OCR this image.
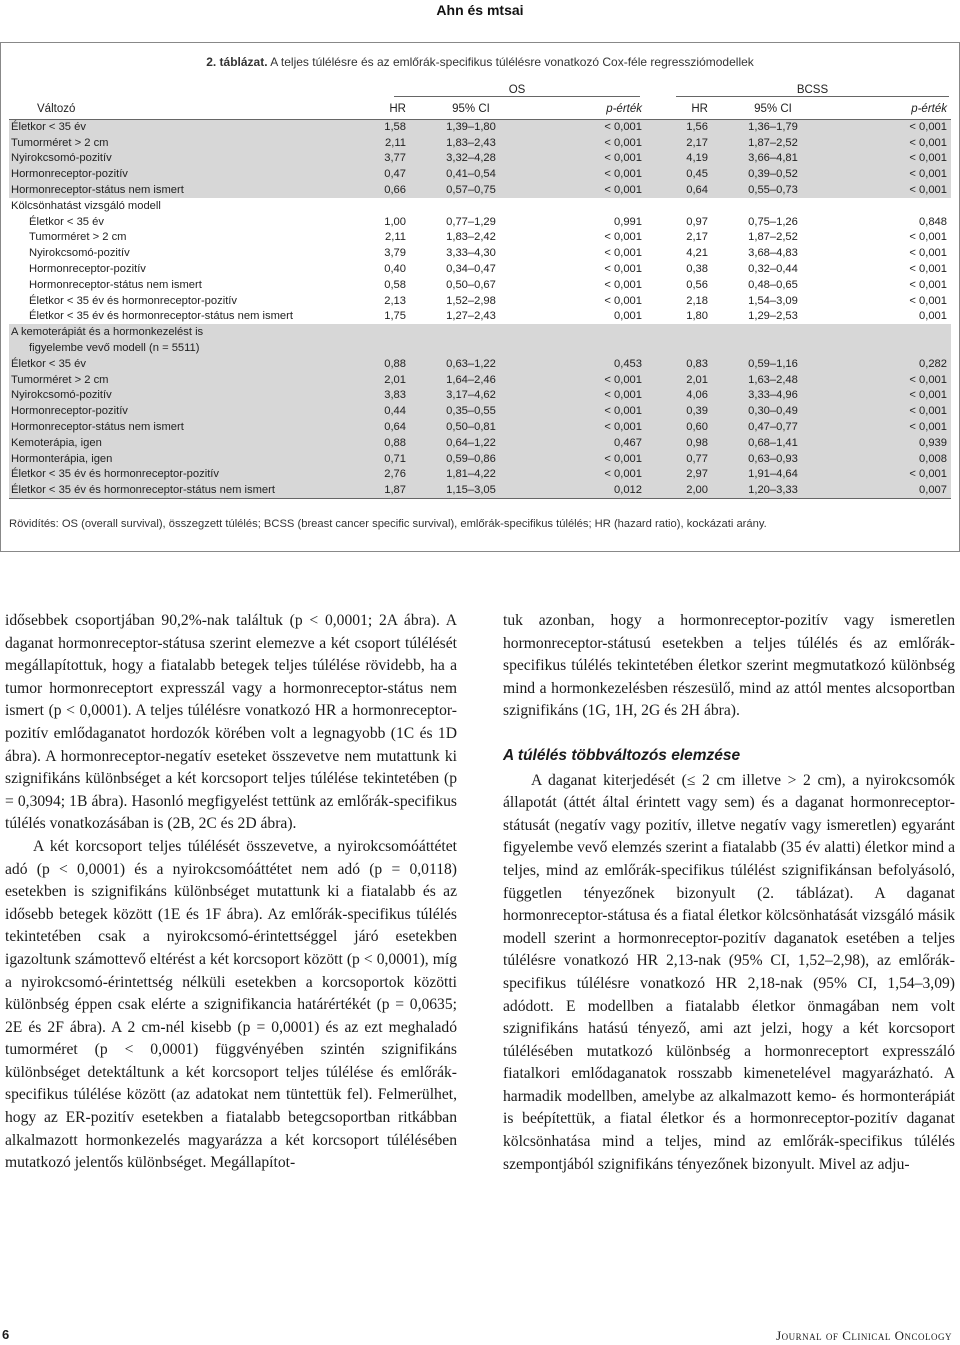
Ahn és mtsai
2. táblázat. A teljes túlélésre és az emlőrák-specifikus túlélésre vonatkozó Cox-féle regressziómodellek
	OS			BCSS		
Változó	HR	95% CI	p-érték	HR	95% CI	p-érték
Életkor < 35 év	1,58	1,39–1,80	< 0,001	1,56	1,36–1,79	< 0,001
Tumorméret > 2 cm	2,11	1,83–2,43	< 0,001	2,17	1,87–2,52	< 0,001
Nyirokcsomó-pozitív	3,77	3,32–4,28	< 0,001	4,19	3,66–4,81	< 0,001
Hormonreceptor-pozitív	0,47	0,41–0,54	< 0,001	0,45	0,39–0,52	< 0,001
Hormonreceptor-státus nem ismert	0,66	0,57–0,75	< 0,001	0,64	0,55–0,73	< 0,001
Kölcsönhatást vizsgáló modell						
Életkor < 35 év	1,00	0,77–1,29	0,991	0,97	0,75–1,26	0,848
Tumorméret > 2 cm	2,11	1,83–2,42	< 0,001	2,17	1,87–2,52	< 0,001
Nyirokcsomó-pozitív	3,79	3,33–4,30	< 0,001	4,21	3,68–4,83	< 0,001
Hormonreceptor-pozitív	0,40	0,34–0,47	< 0,001	0,38	0,32–0,44	< 0,001
Hormonreceptor-státus nem ismert	0,58	0,50–0,67	< 0,001	0,56	0,48–0,65	< 0,001
Életkor < 35 év és hormonreceptor-pozitív	2,13	1,52–2,98	< 0,001	2,18	1,54–3,09	< 0,001
Életkor < 35 év és hormonreceptor-státus nem ismert	1,75	1,27–2,43	0,001	1,80	1,29–2,53	0,001
A kemoterápiát és a hormonkezelést is						
figyelembe vevő modell (n = 5511)						
Életkor < 35 év	0,88	0,63–1,22	0,453	0,83	0,59–1,16	0,282
Tumorméret > 2 cm	2,01	1,64–2,46	< 0,001	2,01	1,63–2,48	< 0,001
Nyirokcsomó-pozitív	3,83	3,17–4,62	< 0,001	4,06	3,33–4,96	< 0,001
Hormonreceptor-pozitív	0,44	0,35–0,55	< 0,001	0,39	0,30–0,49	< 0,001
Hormonreceptor-státus nem ismert	0,64	0,50–0,81	< 0,001	0,60	0,47–0,77	< 0,001
Kemoterápia, igen	0,88	0,64–1,22	0,467	0,98	0,68–1,41	0,939
Hormonterápia, igen	0,71	0,59–0,86	< 0,001	0,77	0,63–0,93	0,008
Életkor < 35 év és hormonreceptor-pozitív	2,76	1,81–4,22	< 0,001	2,97	1,91–4,64	< 0,001
Életkor < 35 év és hormonreceptor-státus nem ismert	1,87	1,15–3,05	0,012	2,00	1,20–3,33	0,007
Rövidítés: OS (overall survival), összegzett túlélés; BCSS (breast cancer specific survival), emlőrák-specifikus túlélés; HR (hazard ratio), kockázati arány.

idősebbek csoportjában 90,2%-nak találtuk (p < 0,0001; 2A ábra). A daganat hormonreceptor-státusa szerint elemezve a két csoport túlélését megállapítottuk, hogy a fiatalabb betegek teljes túlélése rövidebb, ha a tumor hormonreceptort expresszál vagy a hormonreceptor-státus nem ismert (p < 0,0001). A teljes túlélésre vonatkozó HR a hormonreceptor-pozitív emlődaganatot hordozók körében volt a legnagyobb (1C és 1D ábra). A hormonreceptor-negatív eseteket összevetve nem mutattunk ki szignifikáns különbséget a két korcsoport teljes túlélése tekintetében (p = 0,3094; 1B ábra). Hasonló megfigyelést tettünk az emlőrák-specifikus túlélés vonatkozásában is (2B, 2C és 2D ábra).

A két korcsoport teljes túlélését összevetve, a nyirokcsomóáttétet adó (p < 0,0001) és a nyirokcsomóáttétet nem adó (p = 0,0118) esetekben is szignifikáns különbséget mutattunk ki a fiatalabb és az idősebb betegek között (1E és 1F ábra). Az emlőrák-specifikus túlélés tekintetében csak a nyirokcsomó-érintettséggel járó esetekben igazoltunk számottevő eltérést a két korcsoport között (p < 0,0001), míg a nyirokcsomó-érintettség nélküli esetekben a korcsoportok közötti különbség éppen csak elérte a szignifikancia határértékét (p = 0,0635; 2E és 2F ábra). A 2 cm-nél kisebb (p = 0,0001) és az ezt meghaladó tumorméret (p < 0,0001) függvényében szintén szignifikáns különbséget detektáltunk a két korcsoport teljes túlélése és emlőrák-specifikus túlélése között (az adatokat nem tüntettük fel). Felmerülhet, hogy az ER-pozitív esetekben a fiatalabb betegcsoportban ritkábban alkalmazott hormonkezelés magyarázza a két korcsoport túlélésében mutatkozó jelentős különbséget. Megállapítot-

tuk azonban, hogy a hormonreceptor-pozitív vagy ismeretlen hormonreceptor-státusú esetekben a teljes túlélés és az emlőrák-specifikus túlélés tekintetében életkor szerint megmutatkozó különbség mind a hormonkezelésben részesülő, mind az attól mentes alcsoportban szignifikáns (1G, 1H, 2G és 2H ábra).

A túlélés többváltozós elemzése

A daganat kiterjedését (≤ 2 cm illetve > 2 cm), a nyirokcsomók állapotát (áttét által érintett vagy sem) és a daganat hormonreceptor-státusát (negatív vagy pozitív, illetve negatív vagy ismeretlen) egyaránt figyelembe vevő elemzés szerint a fiatalabb (35 év alatti) életkor mind a teljes, mind az emlőrák-specifikus túlélést szignifikánsan befolyásoló, független tényezőnek bizonyult (2. táblázat). A daganat hormonreceptor-státusa és a fiatal életkor kölcsönhatását vizsgáló másik modell szerint a hormonreceptor-pozitív daganatok esetében a teljes túlélésre vonatkozó HR 2,13-nak (95% CI, 1,52–2,98), az emlőrák-specifikus túlélésre vonatkozó HR 2,18-nak (95% CI, 1,54–3,09) adódott. E modellben a fiatalabb életkor önmagában nem volt szignifikáns hatású tényező, ami azt jelzi, hogy a két korcsoport túlélésében mutatkozó különbség a hormonreceptort expresszáló fiatalkori emlődaganatok rosszabb kimenetelével magyarázható. A harmadik modellben, amelybe az alkalmazott kemo- és hormonterápiát is beépítettük, a fiatal életkor és a hormonreceptor-pozitív daganat kölcsönhatása mind a teljes, mind az emlőrák-specifikus túlélés szempontjából szignifikáns tényezőnek bizonyult. Mivel az adju-

6	Journal of Clinical Oncology
